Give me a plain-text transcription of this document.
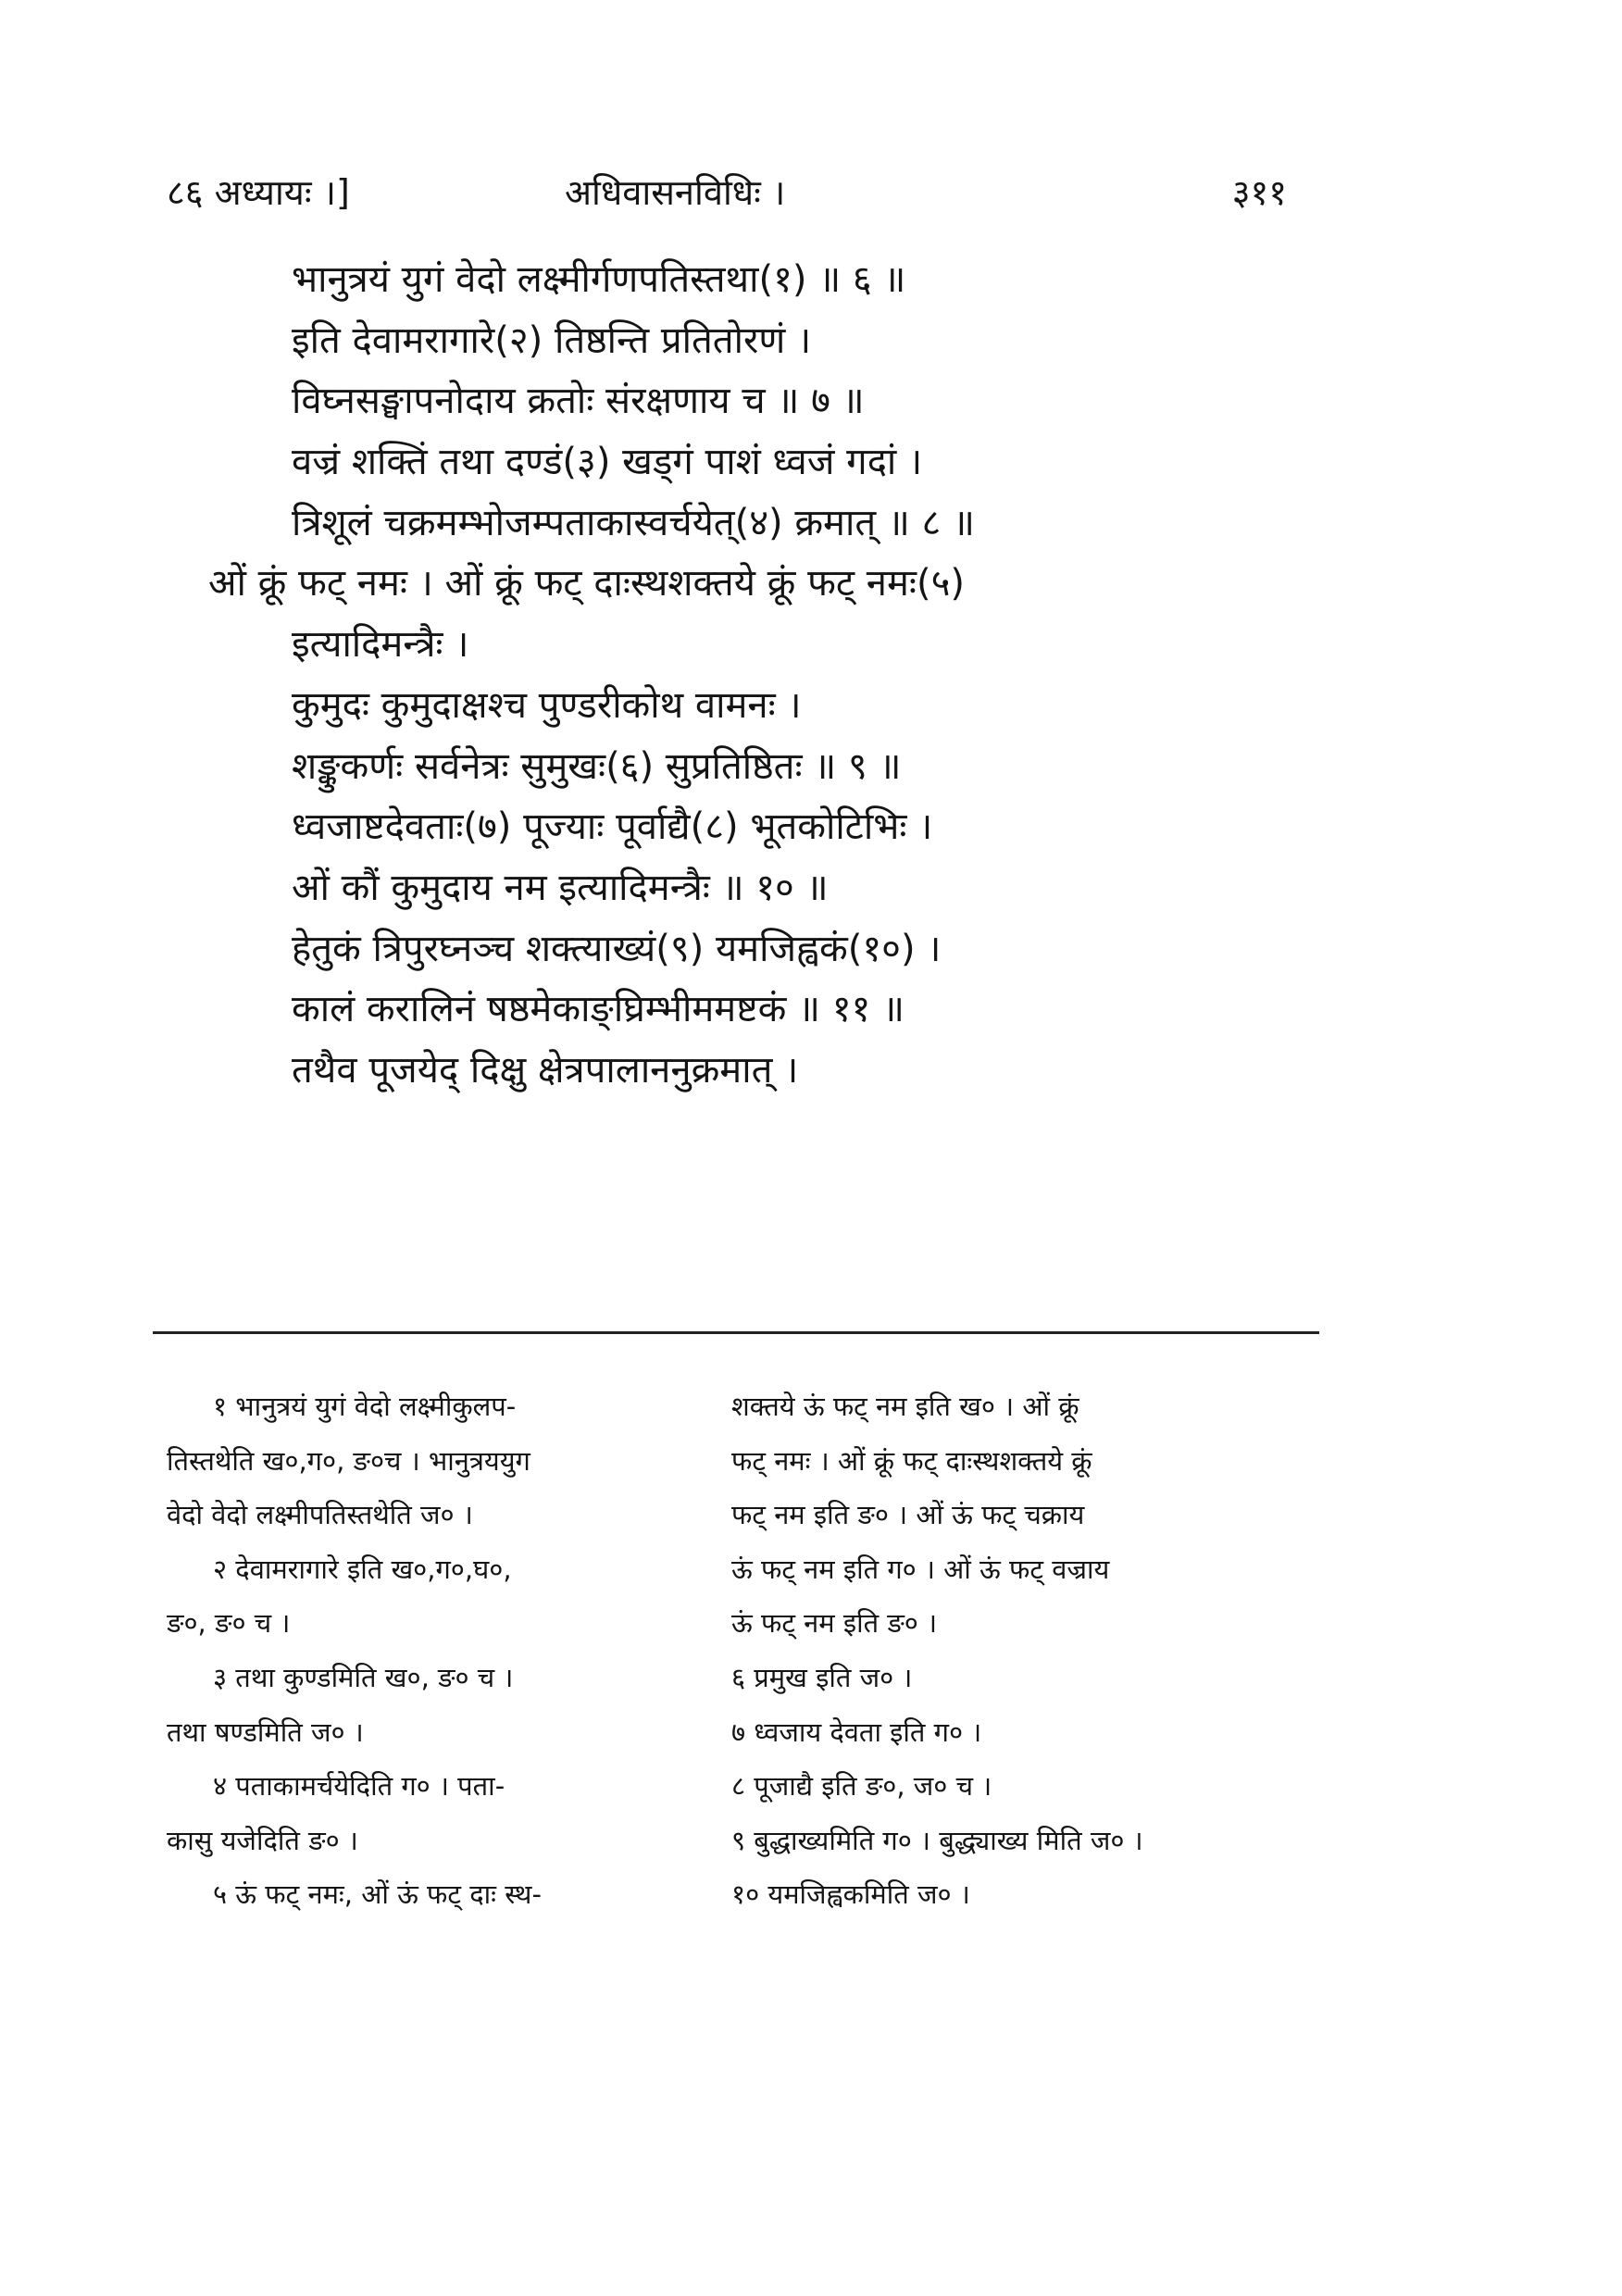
८६ अध्यायः ।]	अधिवासनविधिः ।	३११
भानुत्रयं युगं वेदो लक्ष्मीर्गणपतिस्तथा(१) ॥ ६ ॥
इति देवामरागारे(२) तिष्ठन्ति प्रतितोरणं ।
विघ्नसङ्घापनोदाय क्रतोः संरक्षणाय च ॥ ७ ॥
वज्रं शक्तिं तथा दण्डं(३) खड्गं पाशं ध्वजं गदां ।
त्रिशूलं चक्रमम्भोजम्पताकास्वर्चयेत्(४) क्रमात् ॥ ८ ॥
ओं क्रूं फट् नमः । ओं क्रूं फट् दाःस्थशक्तये क्रूं फट् नमः(५)
इत्यादिमन्त्रैः ।
कुमुदः कुमुदाक्षश्च पुण्डरीकोथ वामनः ।
शङ्कुकर्णः सर्वनेत्रः सुमुखः(६) सुप्रतिष्ठितः ॥ ९ ॥
ध्वजाष्टदेवताः(७) पूज्याः पूर्वाद्यै(८) भूतकोटिभिः ।
ओं कौं कुमुदाय नम इत्यादिमन्त्रैः ॥ १० ॥
हेतुकं त्रिपुरघ्नञ्च शक्त्याख्यं(९) यमजिह्वकं(१०) ।
कालं करालिनं षष्ठमेकाङ्घ्रिम्भीममष्टकं ॥ ११ ॥
तथैव पूजयेद् दिक्षु क्षेत्रपालाननुक्रमात् ।
१ भानुत्रयं युगं वेदो लक्ष्मीकुलप-
तिस्तथेति ख०,ग०, ङ०च । भानुत्रययुग
वेदो वेदो लक्ष्मीपतिस्तथेति ज० ।
२ देवामरागारे इति ख०,ग०,घ०,
ङ०, ङ० च ।
३ तथा कुण्डमिति ख०, ङ० च ।
तथा षण्डमिति ज० ।
४ पताकामर्चयेदिति ग० । पता-
कासु यजेदिति ङ० ।
५ ऊं फट् नमः, ओं ऊं फट् दाः स्थ-
शक्तये ऊं फट् नम इति ख० । ओं क्रूं
फट् नमः । ओं क्रूं फट् दाःस्थशक्तये क्रूं
फट् नम इति ङ० । ओं ऊं फट् चक्राय
ऊं फट् नम इति ग० । ओं ऊं फट् वज्राय
ऊं फट् नम इति ङ० ।
६ प्रमुख इति ज० ।
७ ध्वजाय देवता इति ग० ।
८ पूजाद्यै इति ङ०, ज० च ।
९ बुद्धाख्यमिति ग० । बुद्ध्याख्य मिति ज० ।
१० यमजिह्वकमिति ज० ।
